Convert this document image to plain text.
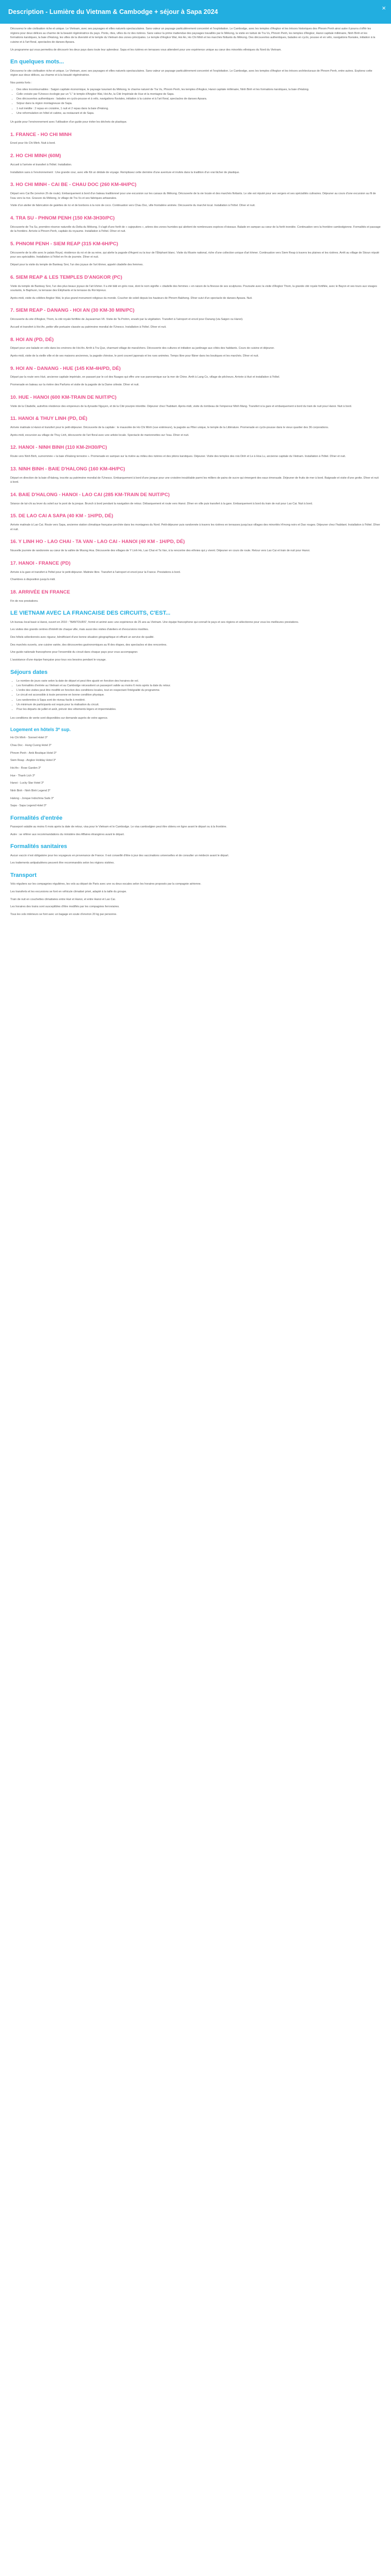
Description - Lumière du Vietnam & Cambodge + séjour à Sapa 2024	×

Découvrez le site civilisation riche et unique. Le Vietnam, avec ses paysages et villes naturels spectaculaires. Sans valeur un paysage particulièrement concentré et l'exploitation. Le Cambodge, avec les temples d'Angkor et les trésors historiques des Phnom Penh ainsi autre il pourra s'offrir les régions pour deux délices au charme de la beauté régénératrice du pays. Ponts, rites, villes du riz des rizières. Sans valeur la prime inattendue des paysages travaillés par le Mékong, la visite en tuktuk de Tra Vu, Phnom Penh, les temples d'Angkor, Hanoi capitale millénaire, Ninh Binh et les formations karstiques, la baie d'Halong, les villes de la diversité et le temple du Vietnam des zones principales. Le temple d'Angkor Wat, Hoi An, Ho Chi Minh et les marchés flottants du Mékong. Des découvertes authentiques, balades en cyclo, pousse et en vélo, navigations fluviales, initiation à la cuisine et à l'art floral, spectacles de danses Apsara.

Un programme qui vous permettra de découvrir les deux pays dans toute leur splendeur. Sapa et les rizières en terrasses vous attendent pour une expérience unique au cœur des minorités ethniques du Nord du Vietnam.

En quelques mots...

Découvrez le site civilisation riche et unique. Le Vietnam, avec ses paysages et villes naturels spectaculaires. Sans valeur un paysage particulièrement concentré et l'exploitation. Le Cambodge, avec les temples d'Angkor et les trésors architecturaux de Phnom Penh, entre autres. Explorez cette région aux deux délices, au charme et à la beauté régénératrice.

Nos points forts :

• Des sites incontournables : Saigon capitale économique, le paysage luxuriant du Mékong, le charme naturel de Tra Vu, Phnom Penh, les temples d'Angkor, Hanoi capitale millénaire, Ninh Binh et les formations karstiques, la baie d'Halong.
• Celle croisée par l'Unesco écologie par un "L" le temple d'Angkor Wat, Hoi An, la Cité Impériale de Hue et la montagne de Sapa.
• Des découvertes authentiques : balades en cyclo-pousse et à vélo, navigations fluviales, initiation à la cuisine et à l'art floral, spectacles de danses Apsara.
• Séjour dans la région montagneuse de Sapa.
• 1 nuit inédite : 2 repas en croisière, 1 nuit et 2 repas dans la baie d'Halong.
• Une reformulation en hôtel et cabine, au restaurant et de Sapa.

Un guide pour l'environnement avec l'utilisation d'un guide pour éviter les déchets de plastique.

1. FRANCE - HO CHI MINH

Envol pour Ho Chi Minh. Nuit à bord.

2. HO CHI MINH (60M)

Accueil à l'arrivée et transfert à l'hôtel. Installation.

Installation sans à l'environnement : Une grande cour, avec elle fût un dédale de voyage. Remplissez cette dernière d'une aventure et invités dans la tradition d'un vrai lâcher de plastique.

3. HO CHI MINH - CAI BE - CHAU DOC (260 KM-4H/PC)

Départ vers Cai Be (environ 2h de route). Embarquement à bord d'un bateau traditionnel pour une excursion sur les canaux du Mékong. Découverte de la vie locale et des marchés flottants. Le site est réputé pour ses vergers et ses spécialités culinaires. Déjeuner au cours d'une excursion au fil de l'eau vers la rive. Gravure du Mékong, le village de Tra Vu et ses fabriques artisanales.

Visite d'un atelier de fabrication de galettes de riz et de bonbons à la noix de coco. Continuation vers Chau Doc, ville frontalière animée. Découverte du marché local. Installation à l'hôtel. Dîner et nuit.

4. TRA SU - PHNOM PENH (150 KM-3H30/PC)

Découverte de Tra Su, première réserve naturelle du Delta du Mékong. Il s'agit d'une forêt de « cajeputiers », arbres des zones humides qui abritent de nombreuses espèces d'oiseaux. Balade en sampan au cœur de la forêt inondée. Continuation vers la frontière cambodgienne. Formalités et passage de la frontière. Arrivée à Phnom Penh, capitale du royaume. Installation à l'hôtel. Dîner et nuit.

5. PHNOM PENH - SIEM REAP (315 KM-6H/PC)

Découverte de la ville avec le palais Royal, résidence du roi et de sa reine, qui abrite la pagode d'Argent ou la tour de l'Éléphant blanc. Visite du Musée national, riche d'une collection unique d'art khmer. Continuation vers Siem Reap à travers les plaines et les rizières. Arrêt au village de Skoun réputé pour ses spécialités. Installation à l'hôtel en fin de journée. Dîner et nuit.

Départ pour la visite du temple de Banteay Srei, l'un des joyaux de l'art khmer, appelé citadelle des femmes.

6. SIEM REAP & LES TEMPLES D'ANGKOR (PC)

Visite du temple de Banteay Srei, l'un des plus beaux joyaux de l'art khmer. Il a été bâti en grès rose, dont le nom signifie « citadelle des femmes » en raison de la finesse de ses sculptures. Poursuite avec la visite d'Angkor Thom, la grande cité royale fortifiée, avec le Bayon et ses tours aux visages souriants, le Baphuon, la terrasse des Éléphants et la terrasse du Roi lépreux.

Après-midi, visite du célèbre Angkor Wat, le plus grand monument religieux du monde. Coucher de soleil depuis les hauteurs de Phnom Bakheng. Dîner suivi d'un spectacle de danses Apsara. Nuit.

7. SIEM REAP - DANANG - HOI AN (30 KM-30 MIN/PC)

Découverte du site d'Angkor, Thom, la cité royale fortifiée de Jayavarman VII. Visite de Ta Prohm, envahi par la végétation. Transfert à l'aéroport et envol pour Danang (via Saigon ou Hanoi).

Accueil et transfert à Hoi An, petite ville portuaire classée au patrimoine mondial de l'Unesco. Installation à l'hôtel. Dîner et nuit.

8. HOI AN (PD, DÉ)

Départ pour une balade en vélo dans les environs de Hoi An. Arrêt à Tra Que, charmant village de maraîchers. Découverte des cultures et initiation au jardinage aux côtés des habitants. Cours de cuisine et déjeuner.

Après-midi, visite de la vieille ville et de ses maisons anciennes, la pagode chinoise, le pont couvert japonais et les rues animées. Temps libre pour flâner dans les boutiques et les marchés. Dîner et nuit.

9. HOI AN - DANANG - HUE (145 KM-4H/PD, DÉ)

Départ par la route vers Hué, ancienne capitale impériale, en passant par le col des Nuages qui offre une vue panoramique sur la mer de Chine. Arrêt à Lang Co, village de pêcheurs. Arrivée à Hué et installation à l'hôtel.

Promenade en bateau sur la rivière des Parfums et visite de la pagode de la Dame céleste. Dîner et nuit.

10. HUE - HANOI (600 KM-TRAIN DE NUIT/PC)

Visite de la Citadelle, autrefois résidence des empereurs de la dynastie Nguyen, et de la Cité pourpre interdite. Déjeuner chez l'habitant. Après-midi, visite du tombeau de l'empereur Minh Mang. Transfert à la gare et embarquement à bord du train de nuit pour Hanoi. Nuit à bord.

11. HANOI & THUY LINH (PD, DÉ)

Arrivée matinale à Hanoi et transfert pour le petit-déjeuner. Découverte de la capitale : le mausolée de Ho Chi Minh (vue extérieure), la pagode au Pilier unique, le temple de la Littérature. Promenade en cyclo-pousse dans le vieux quartier des 36 corporations.

Après-midi, excursion au village de Thuy Linh, découverte de l'art floral avec une artiste locale. Spectacle de marionnettes sur l'eau. Dîner et nuit.

12. HANOI - NINH BINH (110 KM-2H30/PC)

Route vers Ninh Binh, surnommée « la baie d'Halong terrestre ». Promenade en sampan sur la rivière au milieu des rizières et des pitons karstiques. Déjeuner. Visite des temples des rois Dinh et Le à Hoa Lu, ancienne capitale du Vietnam. Installation à l'hôtel. Dîner et nuit.

13. NINH BINH - BAIE D'HALONG (160 KM-4H/PC)

Départ en direction de la baie d'Halong, inscrite au patrimoine mondial de l'Unesco. Embarquement à bord d'une jonque pour une croisière inoubliable parmi les milliers de pains de sucre qui émergent des eaux émeraude. Déjeuner de fruits de mer à bord. Baignade et visite d'une grotte. Dîner et nuit à bord.

14. BAIE D'HALONG - HANOI - LAO CAI (285 KM-TRAIN DE NUIT/PC)

Séance de taï-chi au lever du soleil sur le pont de la jonque. Brunch à bord pendant la navigation de retour. Débarquement et route vers Hanoi. Dîner en ville puis transfert à la gare. Embarquement à bord du train de nuit pour Lao Cai. Nuit à bord.

15. DE LAO CAI A SAPA (40 KM - 1H/PD, DÉ)

Arrivée matinale à Lao Cai. Route vers Sapa, ancienne station climatique française perchée dans les montagnes du Nord. Petit-déjeuner puis randonnée à travers les rizières en terrasses jusqu'aux villages des minorités H'mong noirs et Dao rouges. Déjeuner chez l'habitant. Installation à l'hôtel. Dîner et nuit.

16. Y LINH HO - LAO CHAI - TA VAN - LAO CAI - HANOI (40 KM - 1H/PD, DÉ)

Nouvelle journée de randonnée au cœur de la vallée de Muong Hoa. Découverte des villages de Y Linh Ho, Lao Chai et Ta Van, à la rencontre des ethnies qui y vivent. Déjeuner en cours de route. Retour vers Lao Cai et train de nuit pour Hanoi.

17. HANOI - FRANCE (PD)

Arrivée à la gare et transfert à l'hôtel pour le petit-déjeuner. Matinée libre. Transfert à l'aéroport et envol pour la France. Prestations à bord.

Chambres à disposition jusqu'à midi.

18. ARRIVÉE EN FRANCE

Fin de nos prestations.

LE VIETNAM AVEC LA FRANCAISE DES CIRCUITS, C'EST...

Un bureau local basé à Hanoi, ouvert en 2010 : "BANTOURS", formé et animé avec une expérience de 25 ans au Vietnam. Une équipe francophone qui connaît le pays et ses régions et sélectionne pour vous les meilleures prestations.

Les visites des grands centres d'intérêt de chaque ville, mais aussi des visites d'ateliers et d'excursions insolites.

Des hôtels sélectionnés avec rigueur, bénéficiant d'une bonne situation géographique et offrant un service de qualité.

Des marchés ouverts, une cuisine variée, des découvertes gastronomiques au fil des étapes, des spectacles et des rencontres.

Une guide nationale francophone pour l'ensemble du circuit dans chaque pays pour vous accompagner.

L'assistance d'une équipe française pour tous vos besoins pendant le voyage.

Séjours dates
• Le nombre de jours varie selon la date de départ et peut être ajusté en fonction des horaires de vol.
• Les formalités d'entrée au Vietnam et au Cambodge nécessitent un passeport valide au moins 6 mois après la date du retour.
• L'ordre des visites peut être modifié en fonction des conditions locales, tout en respectant l'intégralité du programme.
• Le circuit est accessible à toute personne en bonne condition physique.
• Les randonnées à Sapa sont de niveau facile à modéré.
• Un minimum de participants est requis pour la réalisation du circuit.
• Pour les départs de juillet et août, prévoir des vêtements légers et imperméables.

Les conditions de vente sont disponibles sur demande auprès de votre agence.

Logement en hôtels 3* sup.

Ho Chi Minh - Sonnet Hotel 3*

Chau Doc - Hung Cuong Hotel 3*

Phnom Penh - Anik Boutique Hotel 3*

Siem Reap - Angkor Holiday Hotel 3*

Hoi An - Rose Garden 3*

Hue - Thanh Lich 3*

Hanoi - Lucky Star Hotel 3*

Ninh Binh - Ninh Binh Legend 3*

Halong - Jonque Indochina Sails 3*

Sapa - Sapa Legend Hotel 3*

Formalités d'entrée

Passeport valable au moins 6 mois après la date de retour, visa pour le Vietnam et le Cambodge. Le visa cambodgien peut être obtenu en ligne avant le départ ou à la frontière.

Autre : se référer aux recommandations du ministère des Affaires étrangères avant le départ.

Formalités sanitaires

Aucun vaccin n'est obligatoire pour les voyageurs en provenance de France. Il est conseillé d'être à jour des vaccinations universelles et de consulter un médecin avant le départ.

Les traitements antipaludéens peuvent être recommandés selon les régions visitées.

Transport

Vols réguliers sur les compagnies régulières, les vols au départ de Paris avec une ou deux escales selon les horaires proposés par la compagnie aérienne.

Les transferts et les excursions se font en véhicule climatisé privé, adapté à la taille du groupe.

Train de nuit en couchettes climatisées entre Hué et Hanoi, et entre Hanoi et Lao Cai.

Les horaires des trains sont susceptibles d'être modifiés par les compagnies ferroviaires.

Tous les vols intérieurs se font avec un bagage en soute d'environ 20 kg par personne.
